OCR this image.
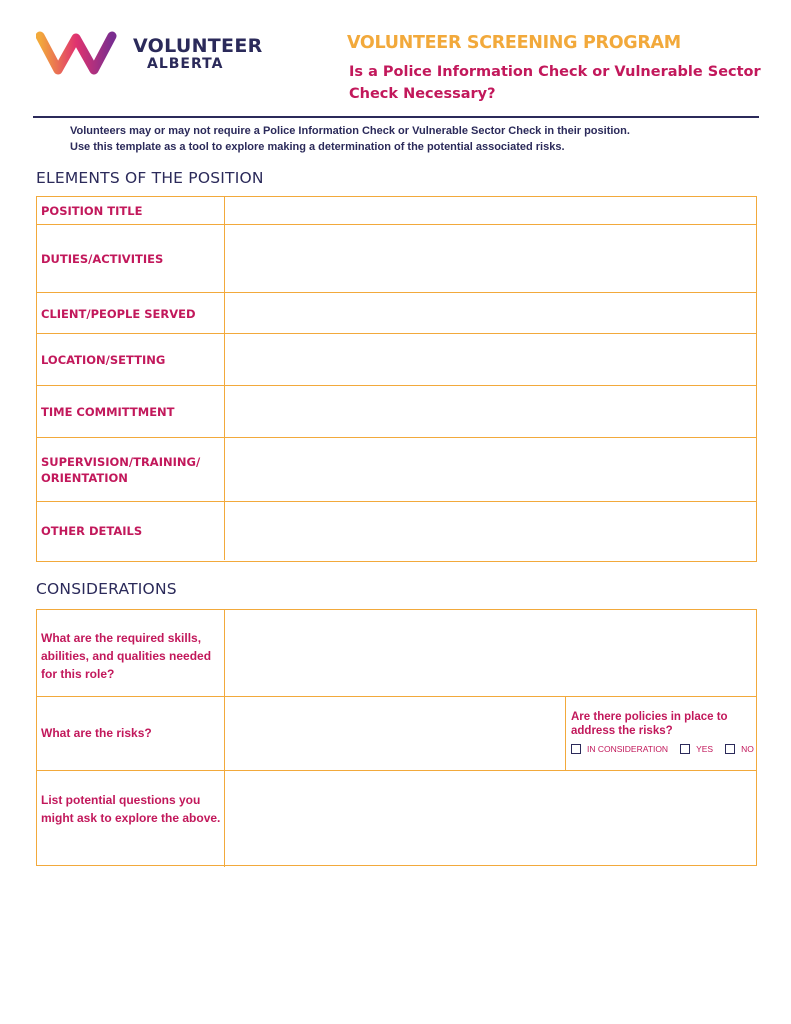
VOLUNTEER
ALBERTA
VOLUNTEER SCREENING PROGRAM
Is a Police Information Check or Vulnerable Sector Check Necessary?

Volunteers may or may not require a Police Information Check or Vulnerable Sector Check in their position.

Use this template as a tool to explore making a determination of the potential associated risks.

ELEMENTS OF THE POSITION
POSITION TITLE
DUTIES/ACTIVITIES
CLIENT/PEOPLE SERVED
LOCATION/SETTING
TIME COMMITTMENT
SUPERVISION/TRAINING/ ORIENTATION
OTHER DETAILS
CONSIDERATIONS
What are the required skills, abilities, and qualities needed for this role?
What are the risks?
Are there policies in place to address the risks?
IN CONSIDERATION	YES	NO
List potential questions you might ask to explore the above.
